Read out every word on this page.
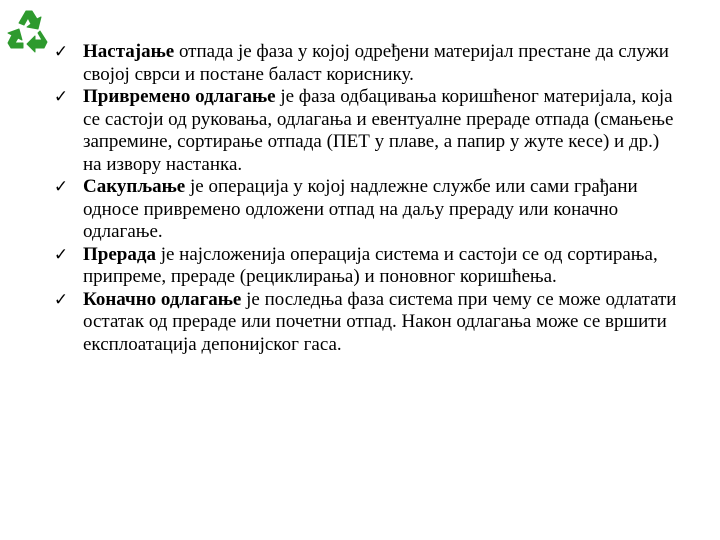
✓ Настајање отпада је фаза у којој одређени материјал престане да служи својој сврси и постане баласт кориснику.
✓ Привремено одлагање је фаза одбацивања коришћеног материјала, која се састоји од руковања, одлагања и евентуалне прераде отпада (смањење запремине, сортирање отпада (ПЕТ у плаве, а папир у жуте кесе) и др.) на извору настанка.
✓ Сакупљање је операција у којој надлежне службе или сами грађани односе привремено одложени отпад на даљу прераду или коначно одлагање.
✓ Прерада је најсложенија операција система и састоји се од сортирања, припреме, прераде (рециклирања) и поновног коришћења.
✓ Коначно одлагање је последња фаза система при чему се може одлатати остатак од прераде или почетни отпад. Након одлагања може се вршити експлоатација депонијског гаса.
